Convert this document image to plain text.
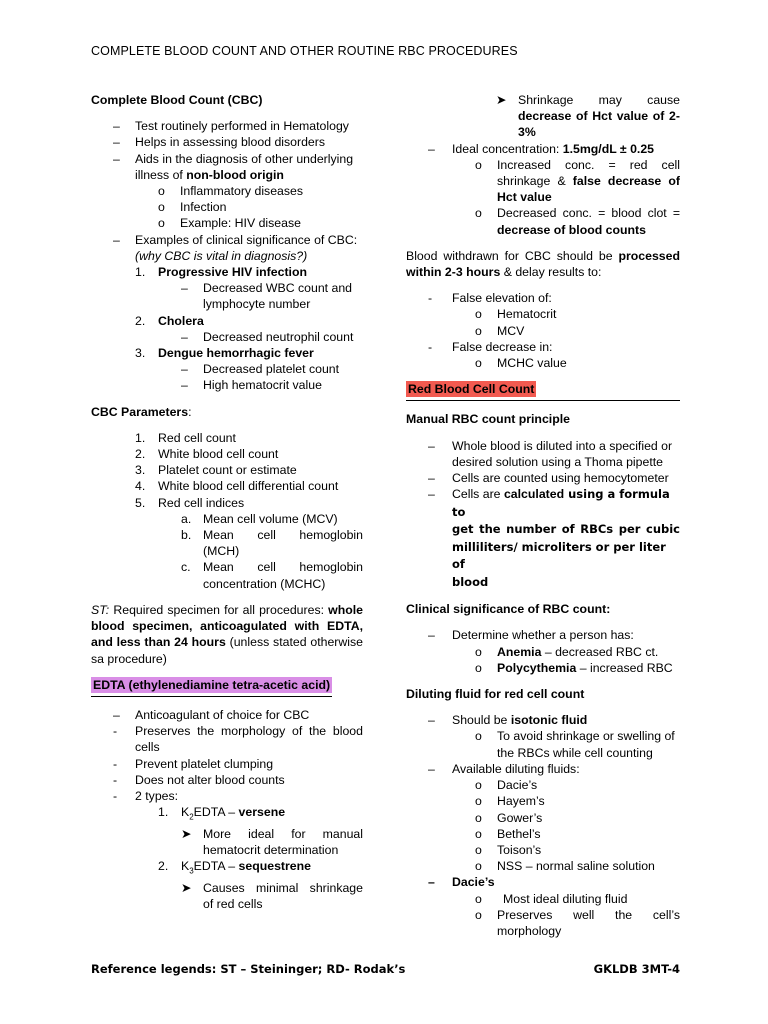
COMPLETE BLOOD COUNT AND OTHER ROUTINE RBC PROCEDURES
Complete Blood Count (CBC)
– Test routinely performed in Hematology
– Helps in assessing blood disorders
– Aids in the diagnosis of other underlying
illness of non-blood origin
o Inflammatory diseases
o Infection
o Example: HIV disease
– Examples of clinical significance of CBC:
(why CBC is vital in diagnosis?)
1. Progressive HIV infection
– Decreased WBC count and
lymphocyte number
2. Cholera
– Decreased neutrophil count
3. Dengue hemorrhagic fever
– Decreased platelet count
– High hematocrit value
CBC Parameters:
1. Red cell count
2. White blood cell count
3. Platelet count or estimate
4. White blood cell differential count
5. Red cell indices
a. Mean cell volume (MCV)
b. Mean cell hemoglobin
(MCH)
c. Mean cell hemoglobin
concentration (MCHC)
ST: Required specimen for all procedures: whole
blood specimen, anticoagulated with EDTA,
and less than 24 hours (unless stated otherwise
sa procedure)
EDTA (ethylenediamine tetra-acetic acid)
– Anticoagulant of choice for CBC
- Preserves the morphology of the blood
cells
- Prevent platelet clumping
- Does not alter blood counts
- 2 types:
1. $K_2EDTA$ – versene
➤ More ideal for manual
hematocrit determination
2. $K_3EDTA$ – sequestrene
➤ Causes minimal shrinkage
of red cells
➤ Shrinkage may cause
decrease of Hct value of 2-
3%
– Ideal concentration: 1.5mg/dL ± 0.25
o Increased conc. = red cell
shrinkage & false decrease of
Hct value
o Decreased conc. = blood clot =
decrease of blood counts
Blood withdrawn for CBC should be processed
within 2-3 hours & delay results to:
- False elevation of:
o Hematocrit
o MCV
- False decrease in:
o MCHC value
Red Blood Cell Count
Manual RBC count principle
– Whole blood is diluted into a specified or
desired solution using a Thoma pipette
– Cells are counted using hemocytometer
– Cells are calculated using a formula to
get the number of RBCs per cubic
milliliters/ microliters or per liter of
blood
Clinical significance of RBC count:
– Determine whether a person has:
o Anemia – decreased RBC ct.
o Polycythemia – increased RBC
Diluting fluid for red cell count
– Should be isotonic fluid
o To avoid shrinkage or swelling of
the RBCs while cell counting
– Available diluting fluids:
o Dacie’s
o Hayem’s
o Gower’s
o Bethel’s
o Toison’s
o NSS – normal saline solution
– Dacie’s
o Most ideal diluting fluid
o Preserves well the cell’s
morphology
Reference legends: ST – Steininger; RD- Rodak’s	GKLDB 3MT-4
